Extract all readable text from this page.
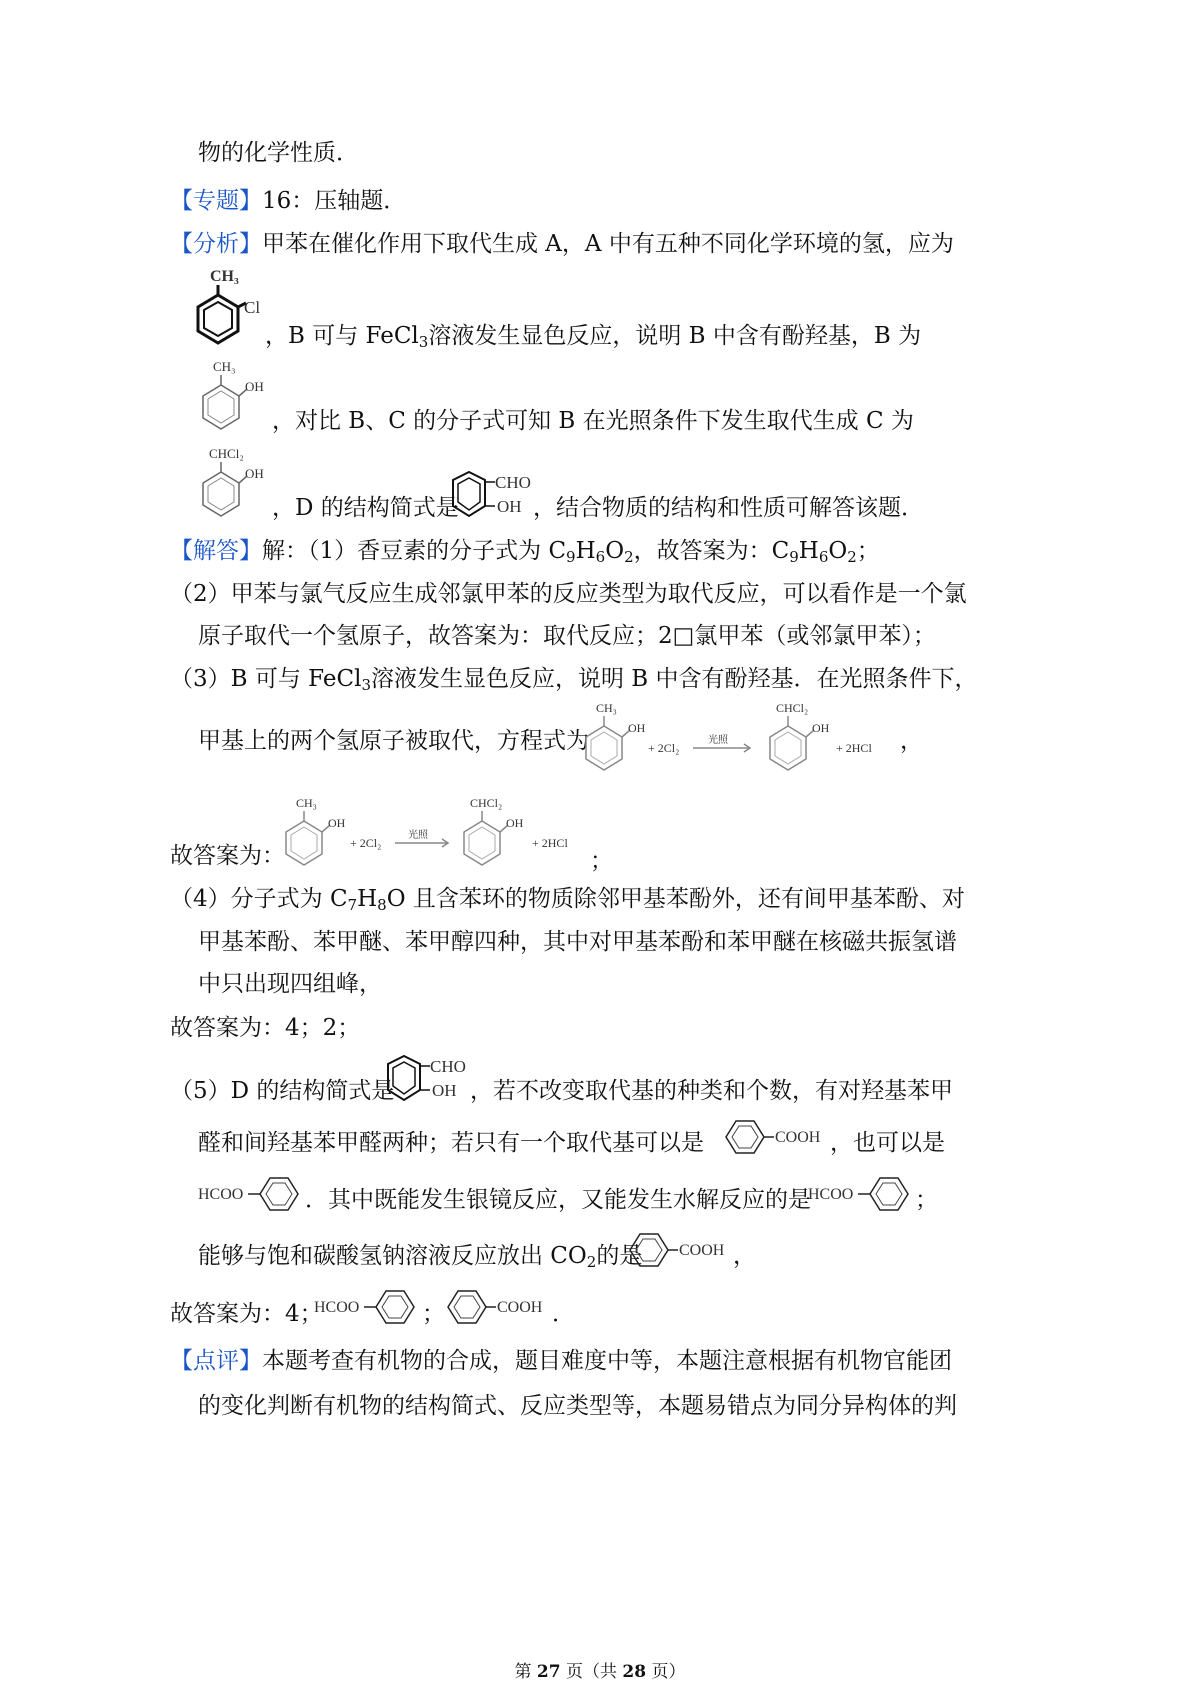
物的化学性质．
【专题】16：压轴题．
【分析】甲苯在催化作用下取代生成 A，A 中有五种不同化学环境的氢，应为
CH₃
Cl
，B 可与 FeCl$_3$溶液发生显色反应，说明 B 中含有酚羟基，B 为
CH₃
OH
，对比 B、C 的分子式可知 B 在光照条件下发生取代生成 C 为
CHCl₂
OH
，D 的结构简式是
CHO
OH ，结合物质的结构和性质可解答该题．
【解答】解：（1）香豆素的分子式为 $C_9H_6O_2$，故答案为：$C_9H_6O_2$；
（2）甲苯与氯气反应生成邻氯甲苯的反应类型为取代反应，可以看作是一个氯
原子取代一个氢原子，故答案为：取代反应；2□氯甲苯（或邻氯甲苯）；
（3）B 可与 FeCl$_3$溶液发生显色反应，说明 B 中含有酚羟基．在光照条件下，
甲基上的两个氢原子被取代，方程式为
CH₃
OH
+ 2Cl₂
光照
CHCl₂
OH
+ 2HCl ，
故答案为：
CH₃
OH
+ 2Cl₂
光照
CHCl₂
OH
+ 2HCl
；
（4）分子式为 $C_7H_8O$ 且含苯环的物质除邻甲基苯酚外，还有间甲基苯酚、对
甲基苯酚、苯甲醚、苯甲醇四种，其中对甲基苯酚和苯甲醚在核磁共振氢谱
中只出现四组峰，
故答案为：4；2；
（5）D 的结构简式是
CHO
OH ，若不改变取代基的种类和个数，有对羟基苯甲
醛和间羟基苯甲醛两种；若只有一个取代基可以是	COOH ，也可以是
HCOO	．其中既能发生银镜反应，又能发生水解反应的是
HCOO	；
能够与饱和碳酸氢钠溶液反应放出 $CO_2$的是 COOH ，
故答案为：4；
HCOO	；	COOH ．
【点评】本题考查有机物的合成，题目难度中等，本题注意根据有机物官能团
的变化判断有机物的结构简式、反应类型等，本题易错点为同分异构体的判
第 27 页（共 28 页）
